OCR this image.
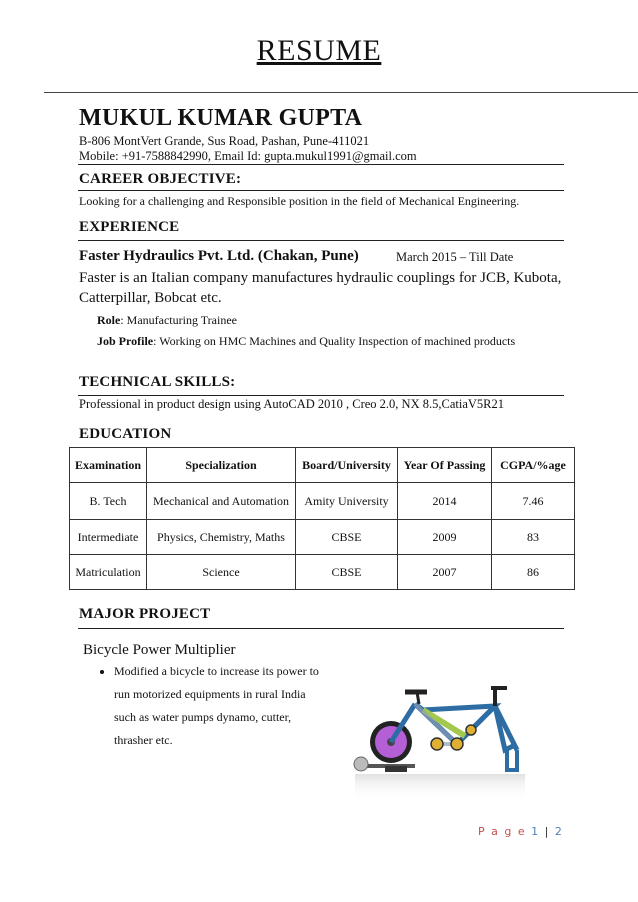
RESUME
MUKUL KUMAR GUPTA
B-806 MontVert Grande, Sus Road, Pashan, Pune-411021
Mobile: +91-7588842990, Email Id: gupta.mukul1991@gmail.com
CAREER OBJECTIVE:
Looking for a challenging and Responsible position in the field of Mechanical Engineering.
EXPERIENCE
Faster Hydraulics Pvt. Ltd. (Chakan, Pune)	March 2015 – Till Date
Faster is an Italian company manufactures hydraulic couplings for JCB, Kubota, Catterpillar, Bobcat etc.
Role: Manufacturing Trainee
Job Profile: Working on HMC Machines and Quality Inspection of machined products
TECHNICAL SKILLS:
Professional in product design using AutoCAD 2010 , Creo 2.0, NX 8.5,CatiaV5R21
EDUCATION
Examination	Specialization	Board/University	Year Of Passing	CGPA/%age
B. Tech	Mechanical and Automation	Amity University	2014	7.46
Intermediate	Physics, Chemistry, Maths	CBSE	2009	83
Matriculation	Science	CBSE	2007	86
MAJOR PROJECT
Bicycle Power Multiplier
• Modified a bicycle to increase its power to run motorized equipments in rural India such as water pumps dynamo, cutter, thrasher etc.
P a g e 1 | 2
